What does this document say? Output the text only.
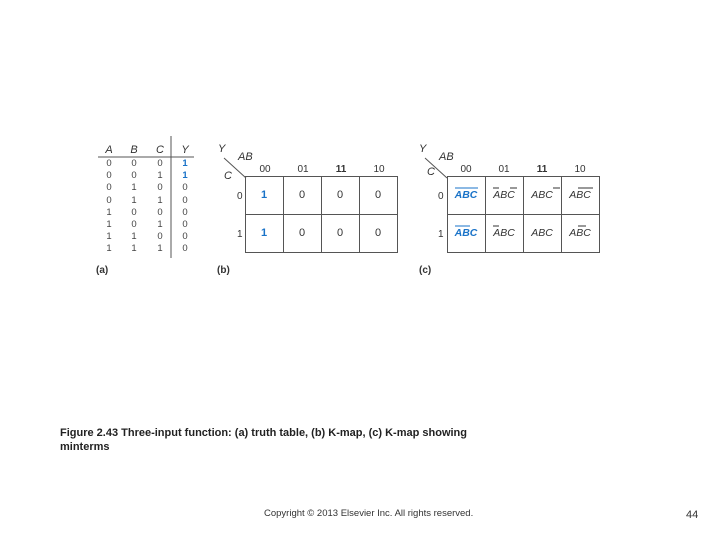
A	B	C	Y
0	0	0	1
0	0	1	1
0	1	0	0
0	1	1	0
1	0	0	0
1	0	1	0
1	1	0	0
1	1	1	0
Y
AB
C
00	01	11	10
0
1
1	0	0	0
1	0	0	0
Y
AB
C	00	01	11	10
0
1
ABC	ABC	ABC	ABC
ABC	ABC	ABC	ABC
(a)	(b)	(c)
Figure 2.43 Three-input function: (a) truth table, (b) K-map, (c) K-map showing minterms
Copyright © 2013 Elsevier Inc. All rights reserved.	44
